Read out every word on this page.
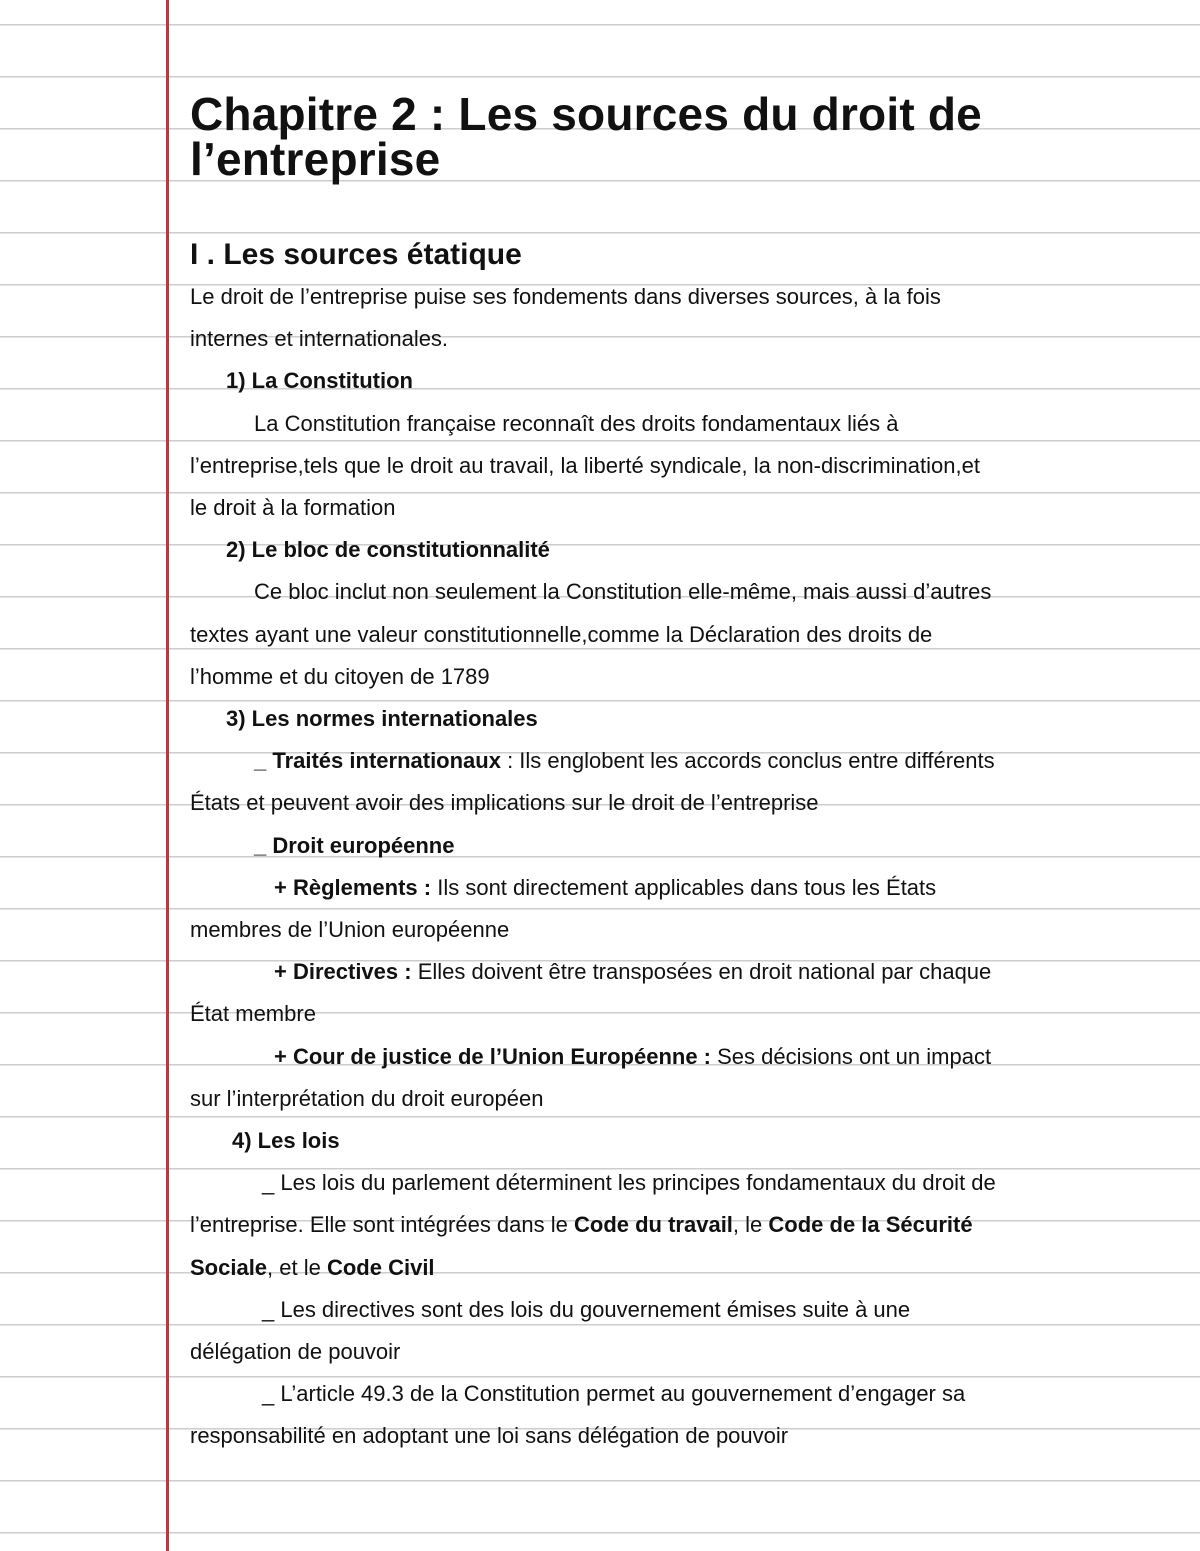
Chapitre 2 : Les sources du droit de
l’entreprise
I . Les sources étatique

Le droit de l’entreprise puise ses fondements dans diverses sources, à la fois

internes et internationales.

1) La Constitution

La Constitution française reconnaît des droits fondamentaux liés à

l’entreprise,tels que le droit au travail, la liberté syndicale, la non-discrimination,et

le droit à la formation

2) Le bloc de constitutionnalité

Ce bloc inclut non seulement la Constitution elle-même, mais aussi d’autres

textes ayant une valeur constitutionnelle,comme la Déclaration des droits de

l’homme et du citoyen de 1789

3) Les normes internationales

_ Traités internationaux : Ils englobent les accords conclus entre différents

États et peuvent avoir des implications sur le droit de l’entreprise

_ Droit européenne

+ Règlements : Ils sont directement applicables dans tous les États

membres de l’Union européenne

+ Directives : Elles doivent être transposées en droit national par chaque

État membre

+ Cour de justice de l’Union Européenne : Ses décisions ont un impact

sur l’interprétation du droit européen

4) Les lois

_ Les lois du parlement déterminent les principes fondamentaux du droit de

l’entreprise. Elle sont intégrées dans le Code du travail, le Code de la Sécurité

Sociale, et le Code Civil

_ Les directives sont des lois du gouvernement émises suite à une

délégation de pouvoir

_ L’article 49.3 de la Constitution permet au gouvernement d’engager sa

responsabilité en adoptant une loi sans délégation de pouvoir
